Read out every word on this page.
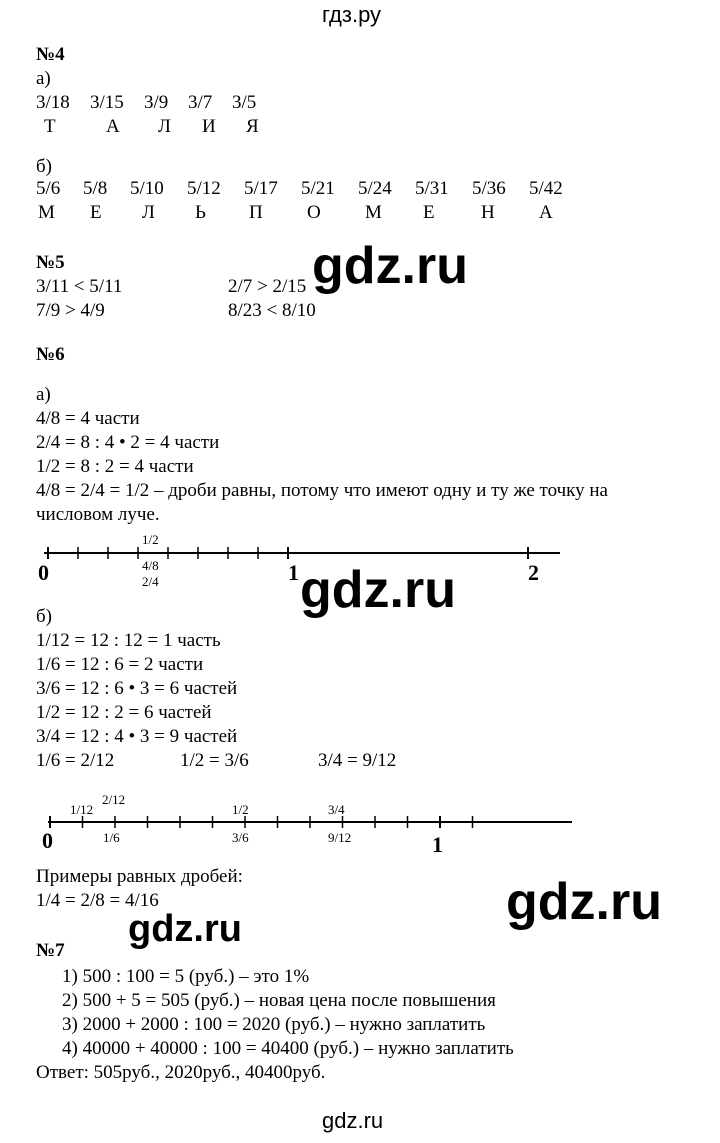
гдз.ру
№4
а)
3/18	3/15	3/9	3/7	3/5
Т	А	Л	И	Я
б)
5/6	5/8	5/10	5/12	5/17	5/21	5/24	5/31	5/36	5/42
М	Е	Л	Ь	П	О	М	Е	Н	А
gdz.ru
№5
3/11 < 5/11	2/7 > 2/15
7/9 > 4/9	8/23 < 8/10
№6
а)
4/8 = 4 части
2/4 = 8 : 4 • 2 = 4 части
1/2 = 8 : 2 = 4 части
4/8 = 2/4 = 1/2 – дроби равны, потому что имеют одну и ту же точку на
числовом луче.
1/2
0	4/8
2/4	1	2
gdz.ru
б)
1/12 = 12 : 12 = 1 часть
1/6 = 12 : 6 = 2 части
3/6 = 12 : 6 • 3 = 6 частей
1/2 = 12 : 2 = 6 частей
3/4 = 12 : 4 • 3 = 9 частей
1/6 = 2/12	1/2 = 3/6	3/4 = 9/12
1/12
2/12
1/2	3/4
0	1/6	3/6	9/12	1
Примеры равных дробей:
1/4 = 2/8 = 4/16	gdz.ru
gdz.ru
№7
1) 500 : 100 = 5 (руб.) – это 1%
2) 500 + 5 = 505 (руб.) – новая цена после повышения
3) 2000 + 2000 : 100 = 2020 (руб.) – нужно заплатить
4) 40000 + 40000 : 100 = 40400 (руб.) – нужно заплатить
Ответ: 505руб., 2020руб., 40400руб.
gdz.ru
